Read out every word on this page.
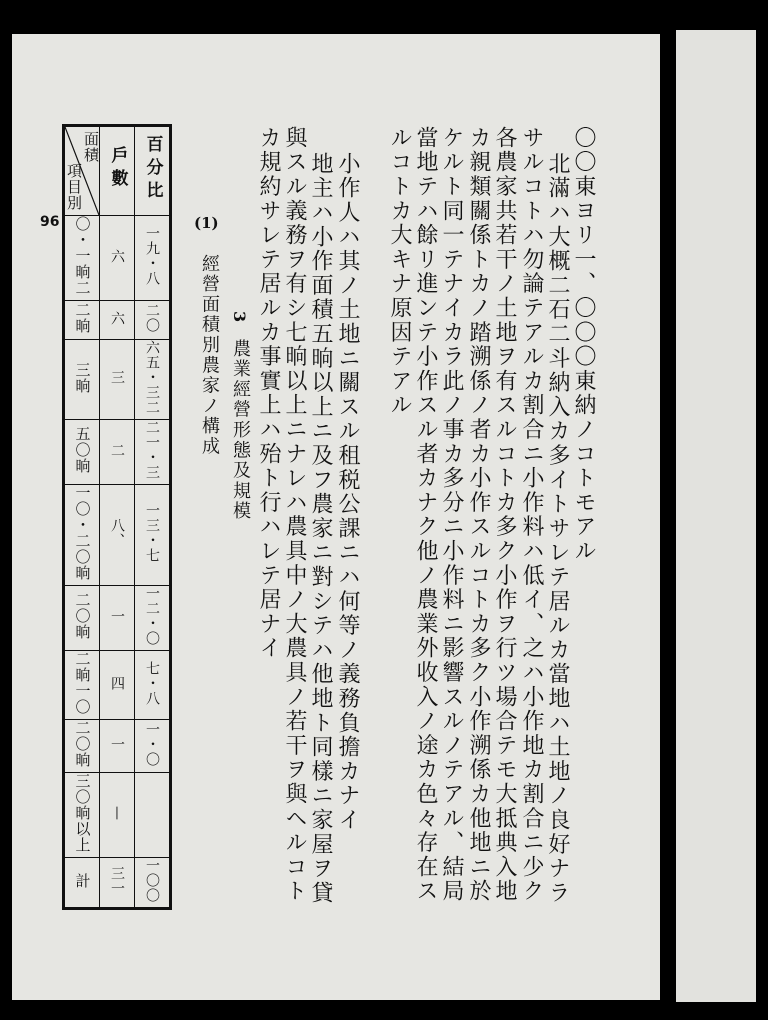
96
面積
項目別	戶數	百分比
〇・一晌二	六	一九・八
二晌	六	二〇
三晌	三	六五・三二
五〇晌	二	二一・三
一〇・二〇晌	八、	一三・七
二〇晌	一	一二・〇
二晌一〇	四	七・八
二〇晌	一	一・〇
三〇晌以上	—	
計	三一	一〇〇
(1)
經營面積別農家ノ構成 3
農業經營形態及規模	〇〇東ヨリ一、〇〇〇東納ノコトモアル
北滿ハ大概二石二斗納入カ多イトサレテ居ルカ當地ハ土地ノ良好ナラ
サルコトハ勿論テアルカ割合ニ小作料ハ低イ、之ハ小作地カ割合ニ少ク
各農家共若干ノ土地ヲ有スルコトカ多ク小作ヲ行ツ場合テモ大抵典入地
カ親類關係トカノ踏溯係ノ者カ小作スルコトカ多ク小作溯係カ他地ニ於
ケルト同一テナイカラ此ノ事カ多分ニ小作料ニ影響スルノテアル、結局
當地テハ餘リ進ンテ小作スル者カナク他ノ農業外收入ノ途カ色々存在ス
ルコトカ大キナ原因テアル
小作人ハ其ノ土地ニ關スル租税公課ニハ何等ノ義務負擔カナイ
地主ハ小作面積五晌以上ニ及フ農家ニ對シテハ他地ト同樣ニ家屋ヲ貸
與スル義務ヲ有シ七晌以上ニナレハ農具中ノ大農具ノ若干ヲ與ヘルコト
カ規約サレテ居ルカ事實上ハ殆ト行ハレテ居ナイ
